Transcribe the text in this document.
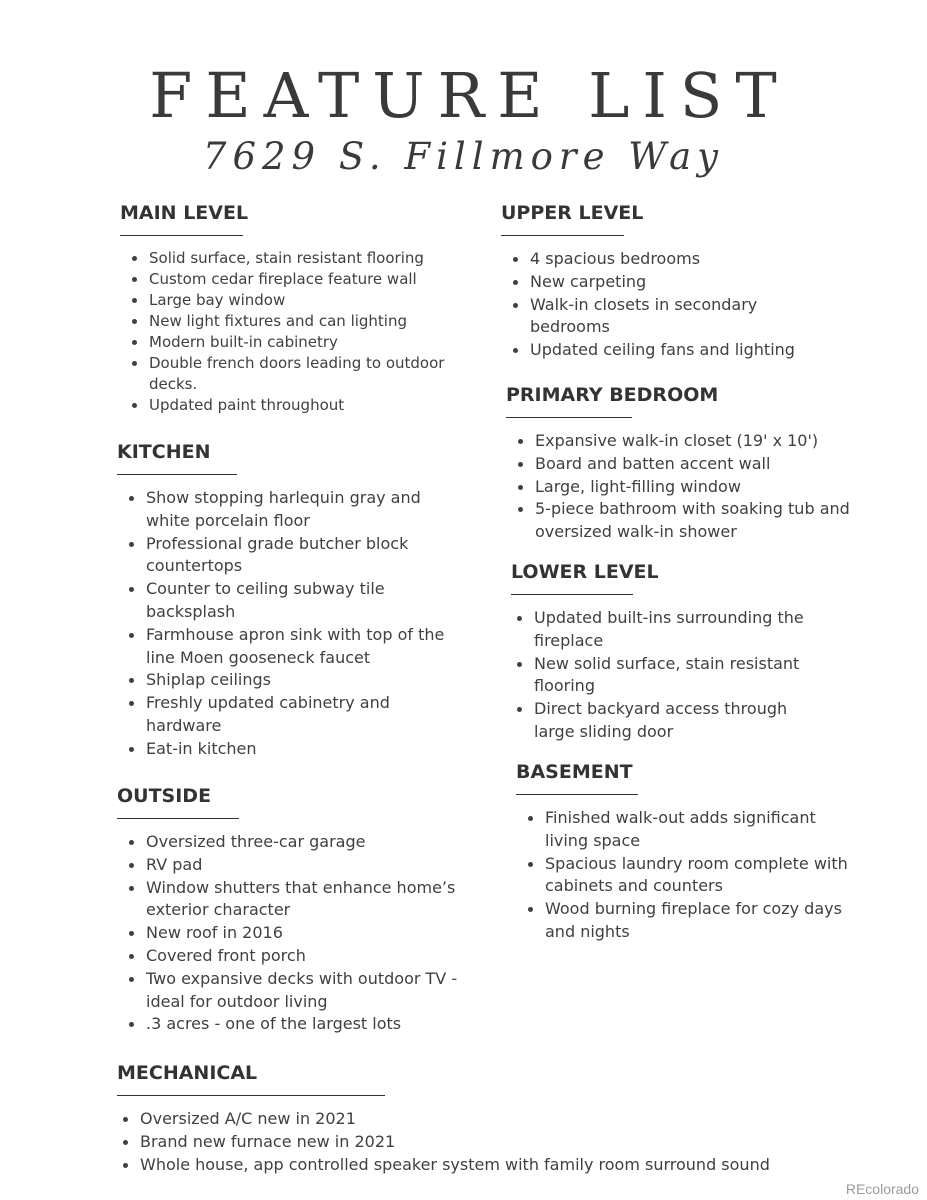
FEATURE LIST
7629 S. Fillmore Way
MAIN LEVEL
Solid surface, stain resistant flooring
Custom cedar fireplace feature wall
Large bay window
New light fixtures and can lighting
Modern built-in cabinetry
Double french doors leading to outdoor decks.
Updated paint throughout
KITCHEN
Show stopping harlequin gray and white porcelain floor
Professional grade butcher block countertops
Counter to ceiling subway tile backsplash
Farmhouse apron sink with top of the line Moen gooseneck faucet
Shiplap ceilings
Freshly updated cabinetry and hardware
Eat-in kitchen
OUTSIDE
Oversized three-car garage
RV pad
Window shutters that enhance home’s exterior character
New roof in 2016
Covered front porch
Two expansive decks with outdoor TV - ideal for outdoor living
.3 acres - one of the largest lots
MECHANICAL
Oversized A/C new in 2021
Brand new furnace new in 2021
Whole house, app controlled speaker system with family room surround sound
UPPER LEVEL
4 spacious bedrooms
New carpeting
Walk-in closets in secondary bedrooms
Updated ceiling fans and lighting
PRIMARY BEDROOM
Expansive walk-in closet (19' x 10')
Board and batten accent wall
Large, light-filling window
5-piece bathroom with soaking tub and oversized walk-in shower
LOWER LEVEL
Updated built-ins surrounding the fireplace
New solid surface, stain resistant flooring
Direct backyard access through large sliding door
BASEMENT
Finished walk-out adds significant living space
Spacious laundry room complete with cabinets and counters
Wood burning fireplace for cozy days and nights
REcolorado
